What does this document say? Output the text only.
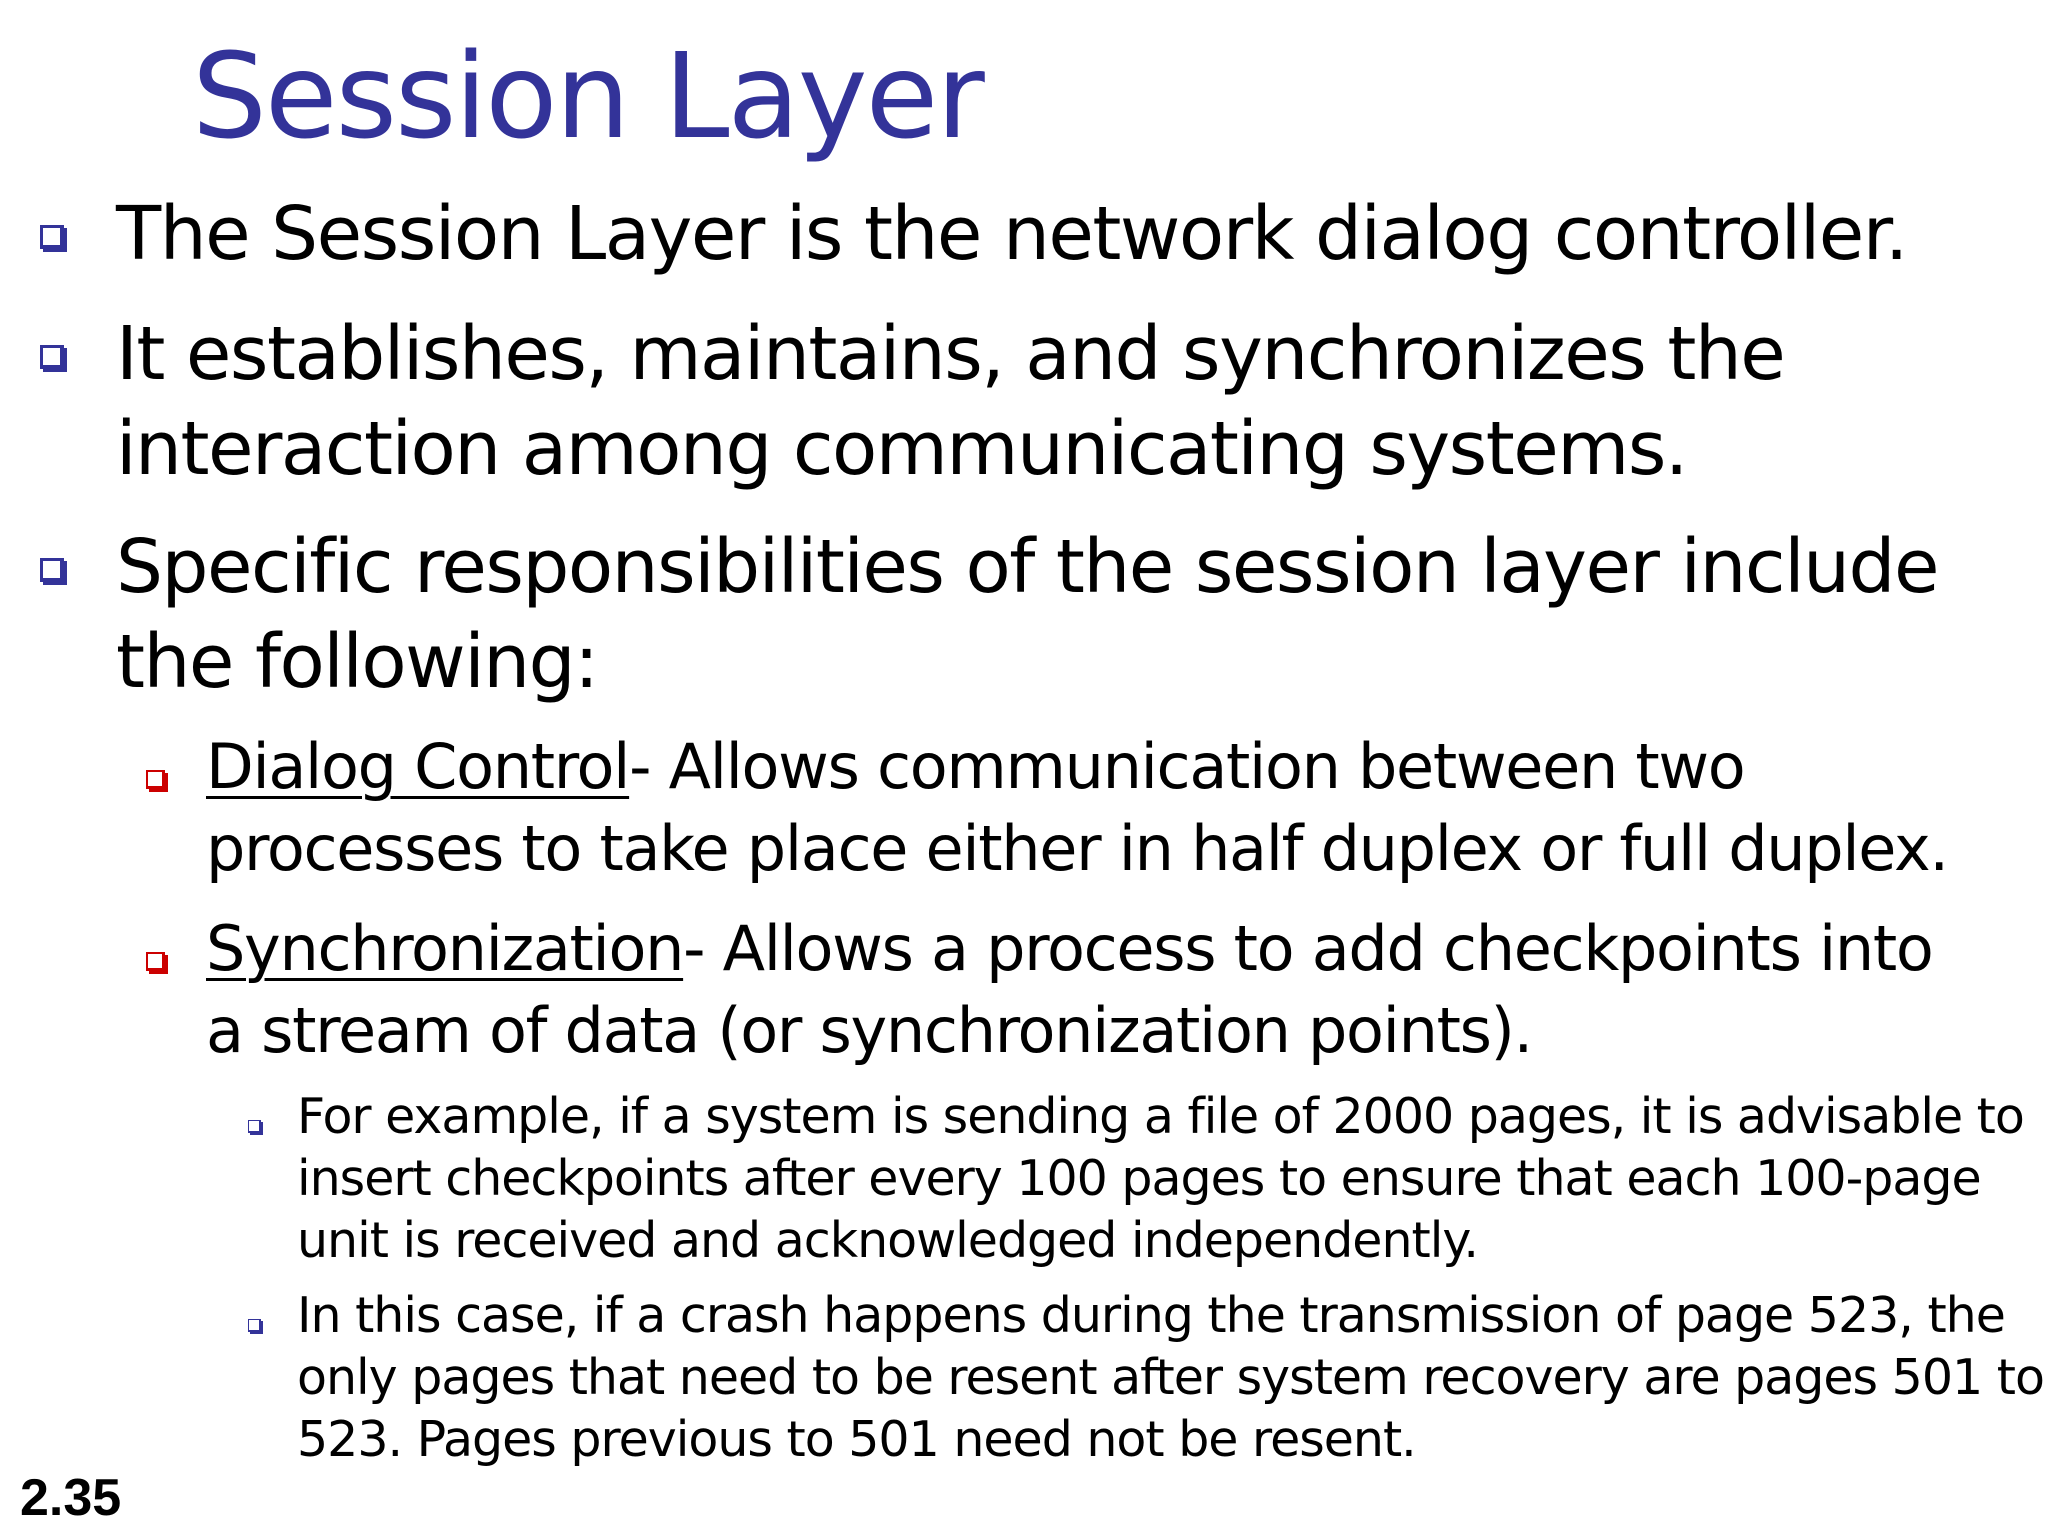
Session Layer
The Session Layer is the network dialog controller.
It establishes, maintains, and synchronizes the
interaction among communicating systems.
Specific responsibilities of the session layer include
the following:
Dialog Control- Allows communication between two
processes to take place either in half duplex or full duplex.
Synchronization- Allows a process to add checkpoints into
a stream of data (or synchronization points).
For example, if a system is sending a file of 2000 pages, it is advisable to
insert checkpoints after every 100 pages to ensure that each 100-page
unit is received and acknowledged independently.
In this case, if a crash happens during the transmission of page 523, the
only pages that need to be resent after system recovery are pages 501 to
523. Pages previous to 501 need not be resent.
2.35
